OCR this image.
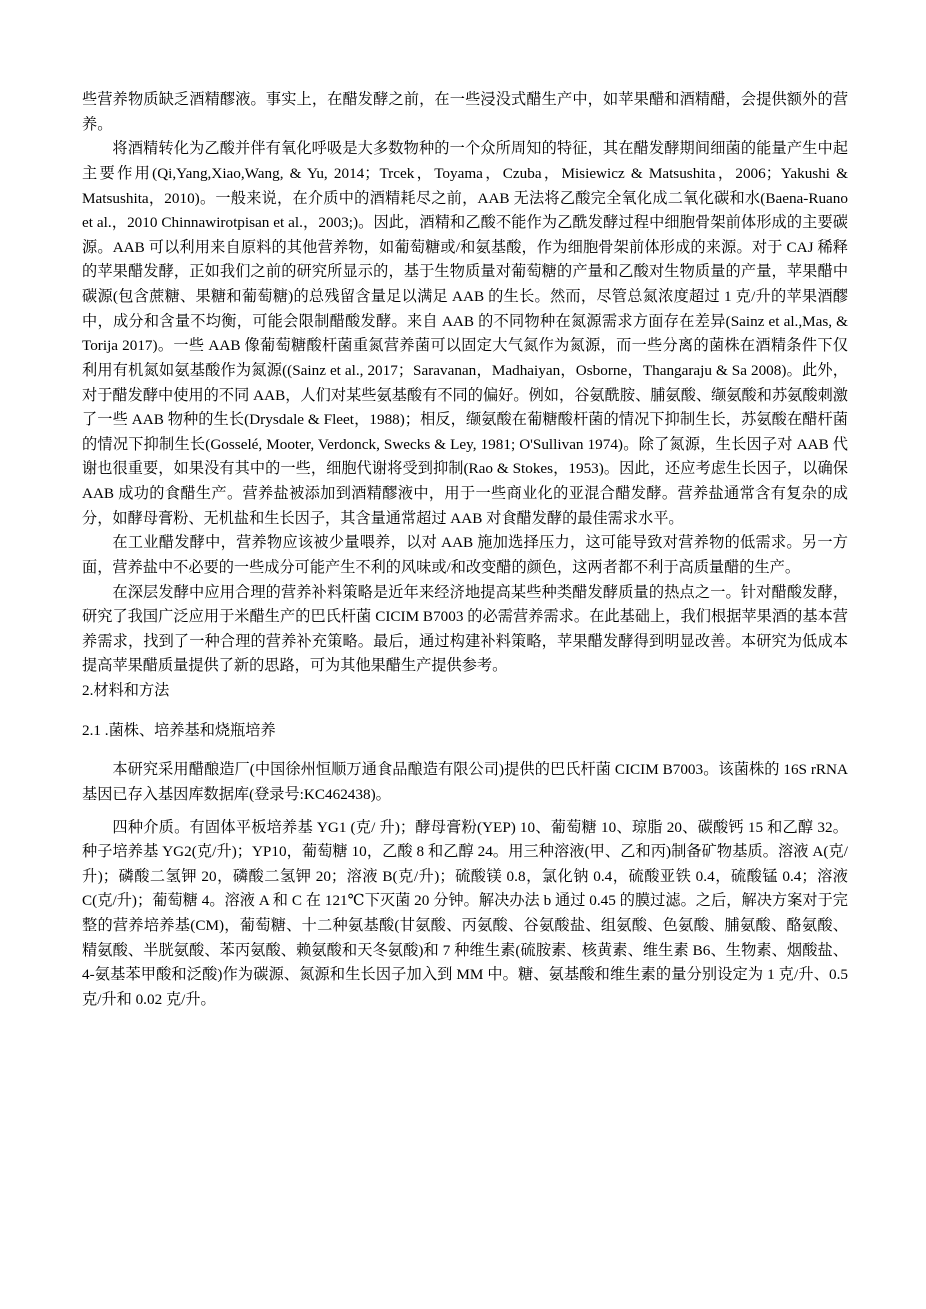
些营养物质缺乏酒精醪液。事实上，在醋发酵之前，在一些浸没式醋生产中，如苹果醋和酒精醋，会提供额外的营养。

将酒精转化为乙酸并伴有氧化呼吸是大多数物种的一个众所周知的特征，其在醋发酵期间细菌的能量产生中起主要作用(Qi,Yang,Xiao,Wang, & Yu, 2014；Trcek，Toyama，Czuba，Misiewicz & Matsushita，2006；Yakushi & Matsushita，2010)。一般来说，在介质中的酒精耗尽之前，AAB 无法将乙酸完全氧化成二氧化碳和水(Baena-Ruano et al.，2010 Chinnawirotpisan et al.，2003;)。因此，酒精和乙酸不能作为乙酰发酵过程中细胞骨架前体形成的主要碳源。AAB 可以利用来自原料的其他营养物，如葡萄糖或/和氨基酸，作为细胞骨架前体形成的来源。对于 CAJ 稀释的苹果醋发酵，正如我们之前的研究所显示的，基于生物质量对葡萄糖的产量和乙酸对生物质量的产量，苹果醋中碳源(包含蔗糖、果糖和葡萄糖)的总残留含量足以满足 AAB 的生长。然而，尽管总氮浓度超过 1 克/升的苹果酒醪中，成分和含量不均衡，可能会限制醋酸发酵。来自 AAB 的不同物种在氮源需求方面存在差异(Sainz et al.,Mas, & Torija 2017)。一些 AAB 像葡萄糖酸杆菌重氮营养菌可以固定大气氮作为氮源，而一些分离的菌株在酒精条件下仅利用有机氮如氨基酸作为氮源((Sainz et al., 2017；Saravanan，Madhaiyan，Osborne，Thangaraju & Sa 2008)。此外，对于醋发酵中使用的不同 AAB，人们对某些氨基酸有不同的偏好。例如，谷氨酰胺、脯氨酸、缬氨酸和苏氨酸刺激了一些 AAB 物种的生长(Drysdale & Fleet，1988)；相反，缬氨酸在葡糖酸杆菌的情况下抑制生长，苏氨酸在醋杆菌的情况下抑制生长(Gosselé, Mooter, Verdonck, Swecks & Ley, 1981; O'Sullivan 1974)。除了氮源，生长因子对 AAB 代谢也很重要，如果没有其中的一些，细胞代谢将受到抑制(Rao & Stokes，1953)。因此，还应考虑生长因子，以确保 AAB 成功的食醋生产。营养盐被添加到酒精醪液中，用于一些商业化的亚混合醋发酵。营养盐通常含有复杂的成分，如酵母膏粉、无机盐和生长因子，其含量通常超过 AAB 对食醋发酵的最佳需求水平。

在工业醋发酵中，营养物应该被少量喂养，以对 AAB 施加选择压力，这可能导致对营养物的低需求。另一方面，营养盐中不必要的一些成分可能产生不利的风味或/和改变醋的颜色，这两者都不利于高质量醋的生产。

在深层发酵中应用合理的营养补料策略是近年来经济地提高某些种类醋发酵质量的热点之一。针对醋酸发酵，研究了我国广泛应用于米醋生产的巴氏杆菌 CICIM B7003 的必需营养需求。在此基础上，我们根据苹果酒的基本营养需求，找到了一种合理的营养补充策略。最后，通过构建补料策略，苹果醋发酵得到明显改善。本研究为低成本提高苹果醋质量提供了新的思路，可为其他果醋生产提供参考。

2.材料和方法

2.1 .菌株、培养基和烧瓶培养

本研究采用醋酿造厂(中国徐州恒顺万通食品酿造有限公司)提供的巴氏杆菌 CICIM B7003。该菌株的 16S rRNA 基因已存入基因库数据库(登录号:KC462438)。

四种介质。有固体平板培养基 YG1 (克/ 升)；酵母膏粉(YEP) 10、葡萄糖 10、琼脂 20、碳酸钙 15 和乙醇 32。种子培养基 YG2(克/升)；YP10，葡萄糖 10，乙酸 8 和乙醇 24。用三种溶液(甲、乙和丙)制备矿物基质。溶液 A(克/升)；磷酸二氢钾 20，磷酸二氢钾 20；溶液 B(克/升)；硫酸镁 0.8，氯化钠 0.4，硫酸亚铁 0.4，硫酸锰 0.4；溶液 C(克/升)；葡萄糖 4。溶液 A 和 C 在 121℃下灭菌 20 分钟。解决办法 b 通过 0.45 的膜过滤。之后，解决方案对于完整的营养培养基(CM)，葡萄糖、十二种氨基酸(甘氨酸、丙氨酸、谷氨酸盐、组氨酸、色氨酸、脯氨酸、酪氨酸、精氨酸、半胱氨酸、苯丙氨酸、赖氨酸和天冬氨酸)和 7 种维生素(硫胺素、核黄素、维生素 B6、生物素、烟酸盐、4-氨基苯甲酸和泛酸)作为碳源、氮源和生长因子加入到 MM 中。糖、氨基酸和维生素的量分别设定为 1 克/升、0.5 克/升和 0.02 克/升。
